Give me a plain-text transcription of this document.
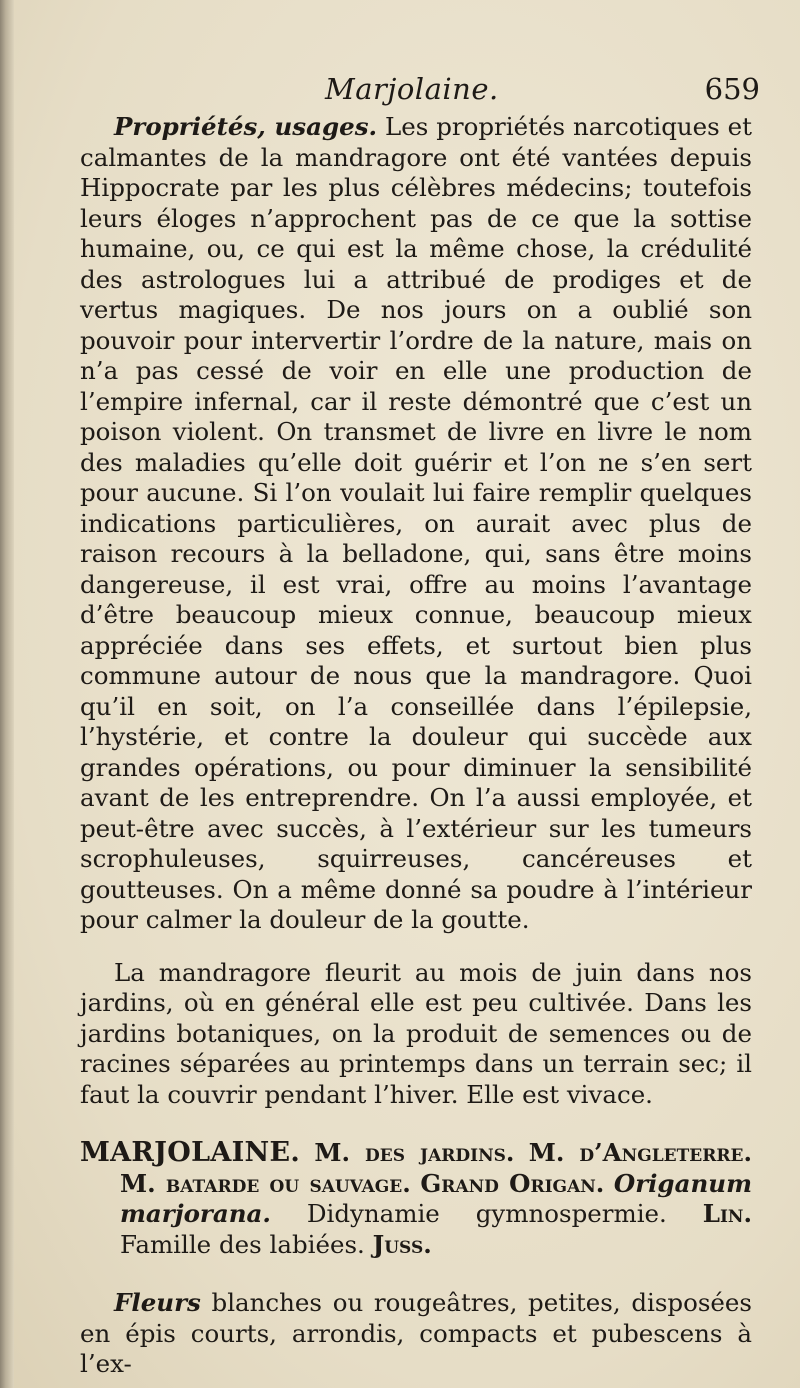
Marjolaine.	659

Propriétés, usages. Les propriétés narcotiques et calmantes de la mandragore ont été vantées depuis Hippocrate par les plus célèbres médecins; toutefois leurs éloges n’approchent pas de ce que la sottise humaine, ou, ce qui est la même chose, la crédulité des astrologues lui a attribué de prodiges et de vertus magiques. De nos jours on a oublié son pouvoir pour intervertir l’ordre de la nature, mais on n’a pas cessé de voir en elle une production de l’empire infernal, car il reste démontré que c’est un poison violent. On transmet de livre en livre le nom des maladies qu’elle doit guérir et l’on ne s’en sert pour aucune. Si l’on voulait lui faire remplir quelques indications particulières, on aurait avec plus de raison recours à la belladone, qui, sans être moins dangereuse, il est vrai, offre au moins l’avantage d’être beaucoup mieux connue, beaucoup mieux appréciée dans ses effets, et surtout bien plus commune autour de nous que la mandragore. Quoi qu’il en soit, on l’a conseillée dans l’épilepsie, l’hystérie, et contre la douleur qui succède aux grandes opérations, ou pour diminuer la sensibilité avant de les entreprendre. On l’a aussi employée, et peut-être avec succès, à l’extérieur sur les tumeurs scrophuleuses, squirreuses, cancéreuses et goutteuses. On a même donné sa poudre à l’intérieur pour calmer la douleur de la goutte.

La mandragore fleurit au mois de juin dans nos jardins, où en général elle est peu cultivée. Dans les jardins botaniques, on la produit de semences ou de racines séparées au printemps dans un terrain sec; il faut la couvrir pendant l’hiver. Elle est vivace.

MARJOLAINE. M. des jardins. M. d’Angleterre. M. batarde ou sauvage. Grand Origan. Origanum marjorana. Didynamie gymnospermie. Lin. Famille des labiées. Juss.

Fleurs blanches ou rougeâtres, petites, disposées en épis courts, arrondis, compacts et pubescens à l’ex-
